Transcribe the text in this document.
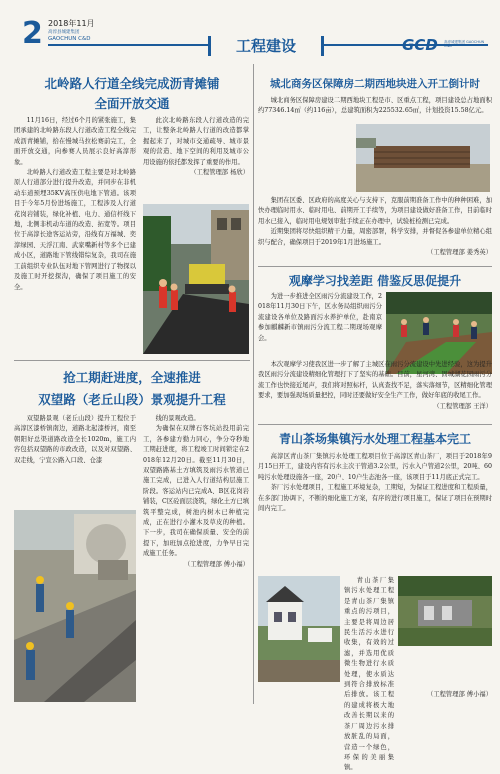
2 2018年11月
高淳县城建集团
GAOCHUN C&D	工程建设	GCD 高淳城建集团 GAOCHUN C&D
北岭路人行道全线完成沥青摊铺
全面开放交通

11月16日，经过6个月的紧张施工，集团承建的北岭路东段人行道改造工程全线完成沥青摊铺，拾在慢城马拉松赛前完工，全面开放交通，向参赛人员展示良好高淳形象。

北岭路人行道改造工程主要是对北岭路原人行道部分进行提升改造，并同步在非机动车道预埋35KV高压供电地下管道。该项目于今年5月份进场施工，工程涉及人行道花岗岩铺装，绿化补植、电力、通信杆线下地，北侧非机动车道的改造、拓宽等。项目位于高淳长途客运站旁，沿线有万福城、奕淳绿园、天浮江南、武家嘴新村等多个已建成小区，道路地下管线错综复杂，我司在施工前组织专业队伍对地下管网进行了物探以及施工时开挖探沟，确保了项目施工的安全。

此次北岭路东段人行道改造的完工，让整条北岭路人行道的改造都掌握起来了，对城市交通疏导、城市景观的营造、地下空间的利用及城市公用设施的依托都发挥了重要的作用。

（工程管理部 杨欣）
抢工期赶进度，全速推进
双望路（老丘山段）景观提升工程

双望路景观（老丘山段）提升工程位于高淳区漆桥镇南边，道路北起漆桥河，南至朝阳好总渠道路改造全长1020m，施工内容包括双望路的市政改造，以及对双望路、双走线，宁宣公路入口段、仓漆

线的景观改造。

为确保在双牌石客坑站投用前完工，各参建方勤力同心，争分夺秒地工期赶进度，将工程竣工时间锁定在2018年12月20日。截至11月30日，双望路路基土方填筑及雨污水管道已施工完成，已进入人行道结构层施工阶段。客运站内已完成A、B区花岗岩铺装，C区砼面层浇筑，绿化土方已填筑平整完成，树池内树木已种植完成，正在进行小灌木及草皮的种植。下一步，我司在确保质量、安全的前提下，加班加点抢进度，力争早日完成施工任务。

（工程管理部 傅小福）
城北商务区保障房二期西地块进入开工倒计时

城北商务区保障房建设二期西地块工程是市、区重点工程，项目建设总占地面积约77346.14㎡（约116亩），总建筑面积为225532.65㎡，计划投资15.58亿元。

集团在区委、区政府的高度关心与支持下，克服前期准备工作中的种种困难，加快办理临时用水、临时用电、前期开工手续等，为项目建设做好准备工作，目前临时用水已接入，临时用电规划审批手续正在办理中，试验桩检测已完成。

近期集团将尽快组织精干力量，周密部署，科学安排，并督促各参建单位精心组织与配合，确保项目于2019年1月进场施工。

（工程管理部 姜秀英）
观摩学习找差距 借鉴反思促提升

为进一步推进全区雨污分流建设工作，2018年11月30日下午，区水务局组织雨污分流建设各单位及路面污水养护单位，赴南京参加麒麟新市镇雨污分流工程二期现场观摩会。

本次观摩学习使我区进一步了解了主城区在雨污分流建设中先进经验，这为提升我区雨污分流建设精细化管理打下了坚实的基础。目前，星河湾、固城湖花园雨污分流工作也快接近尾声，我们将对照标杆，认真查找不足，落实落细节，区精细化管理要求，要加强现场质量把控，同时还要做好安全生产工作，做好年底的收尾工作。

（工程管理部 王洋）
青山茶场集镇污水处理工程基本完工

高淳区青山茶厂集镇污水处理工程项目位于高淳区青山茶厂，项目于2018年9月15日开工，建设内容有污水主次干管道3.2公里，污水入户管道2公里，20吨、60吨污水处理设施各一座，20户、10户生态池各一座，该项目于11月底正式完工。

茶厂污水处理项目，工程施工环境复杂，工期短，为保证工程进度和工程质量，在多部门协调下，不断的细化施工方案，有序的进行项目施工，保证了项目在预期时间内完工。

青山茶厂集镇污水处理工程是青山茶厂集镇重点的污项目，主要是将周边居民生活污水进行收集，有效的过滤，并选用优质微生物进行水质处理，使水质达到符合排放标准后排放。该工程的建成将极大地改善长期以来的茶厂周边污水排放脏乱的局面，营造一个绿色，环保的美丽集镇。

（工程管理部 傅小福）
